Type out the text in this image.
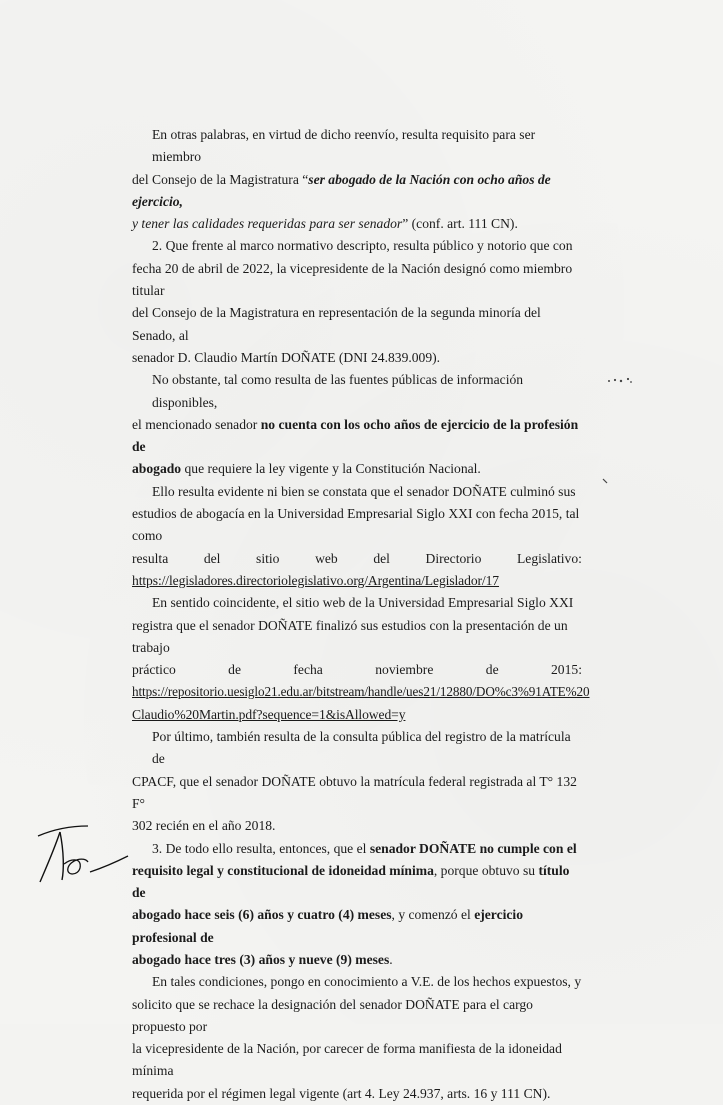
En otras palabras, en virtud de dicho reenvío, resulta requisito para ser miembro
del Consejo de la Magistratura “ser abogado de la Nación con ocho años de ejercicio,
y tener las calidades requeridas para ser senador” (conf. art. 111 CN).
2. Que frente al marco normativo descripto, resulta público y notorio que con
fecha 20 de abril de 2022, la vicepresidente de la Nación designó como miembro titular
del Consejo de la Magistratura en representación de la segunda minoría del Senado, al
senador D. Claudio Martín DOÑATE (DNI 24.839.009).
No obstante, tal como resulta de las fuentes públicas de información disponibles,
el mencionado senador no cuenta con los ocho años de ejercicio de la profesión de
abogado que requiere la ley vigente y la Constitución Nacional.
Ello resulta evidente ni bien se constata que el senador DOÑATE culminó sus
estudios de abogacía en la Universidad Empresarial Siglo XXI con fecha 2015, tal como
resulta	del	sitio	web	del	Directorio	Legislativo:
https://legisladores.directoriolegislativo.org/Argentina/Legislador/17
En sentido coincidente, el sitio web de la Universidad Empresarial Siglo XXI
registra que el senador DOÑATE finalizó sus estudios con la presentación de un trabajo
práctico	de	fecha	noviembre	de	2015:
https://repositorio.uesiglo21.edu.ar/bitstream/handle/ues21/12880/DO%c3%91ATE%20
Claudio%20Martin.pdf?sequence=1&isAllowed=y
Por último, también resulta de la consulta pública del registro de la matrícula de
CPACF, que el senador DOÑATE obtuvo la matrícula federal registrada al T° 132 F°
302 recién en el año 2018.
3. De todo ello resulta, entonces, que el senador DOÑATE no cumple con el
requisito legal y constitucional de idoneidad mínima, porque obtuvo su título de
abogado hace seis (6) años y cuatro (4) meses, y comenzó el ejercicio profesional de
abogado hace tres (3) años y nueve (9) meses.
En tales condiciones, pongo en conocimiento a V.E. de los hechos expuestos, y
solicito que se rechace la designación del senador DOÑATE para el cargo propuesto por
la vicepresidente de la Nación, por carecer de forma manifiesta de la idoneidad mínima
requerida por el régimen legal vigente (art 4. Ley 24.937, arts. 16 y 111 CN).
